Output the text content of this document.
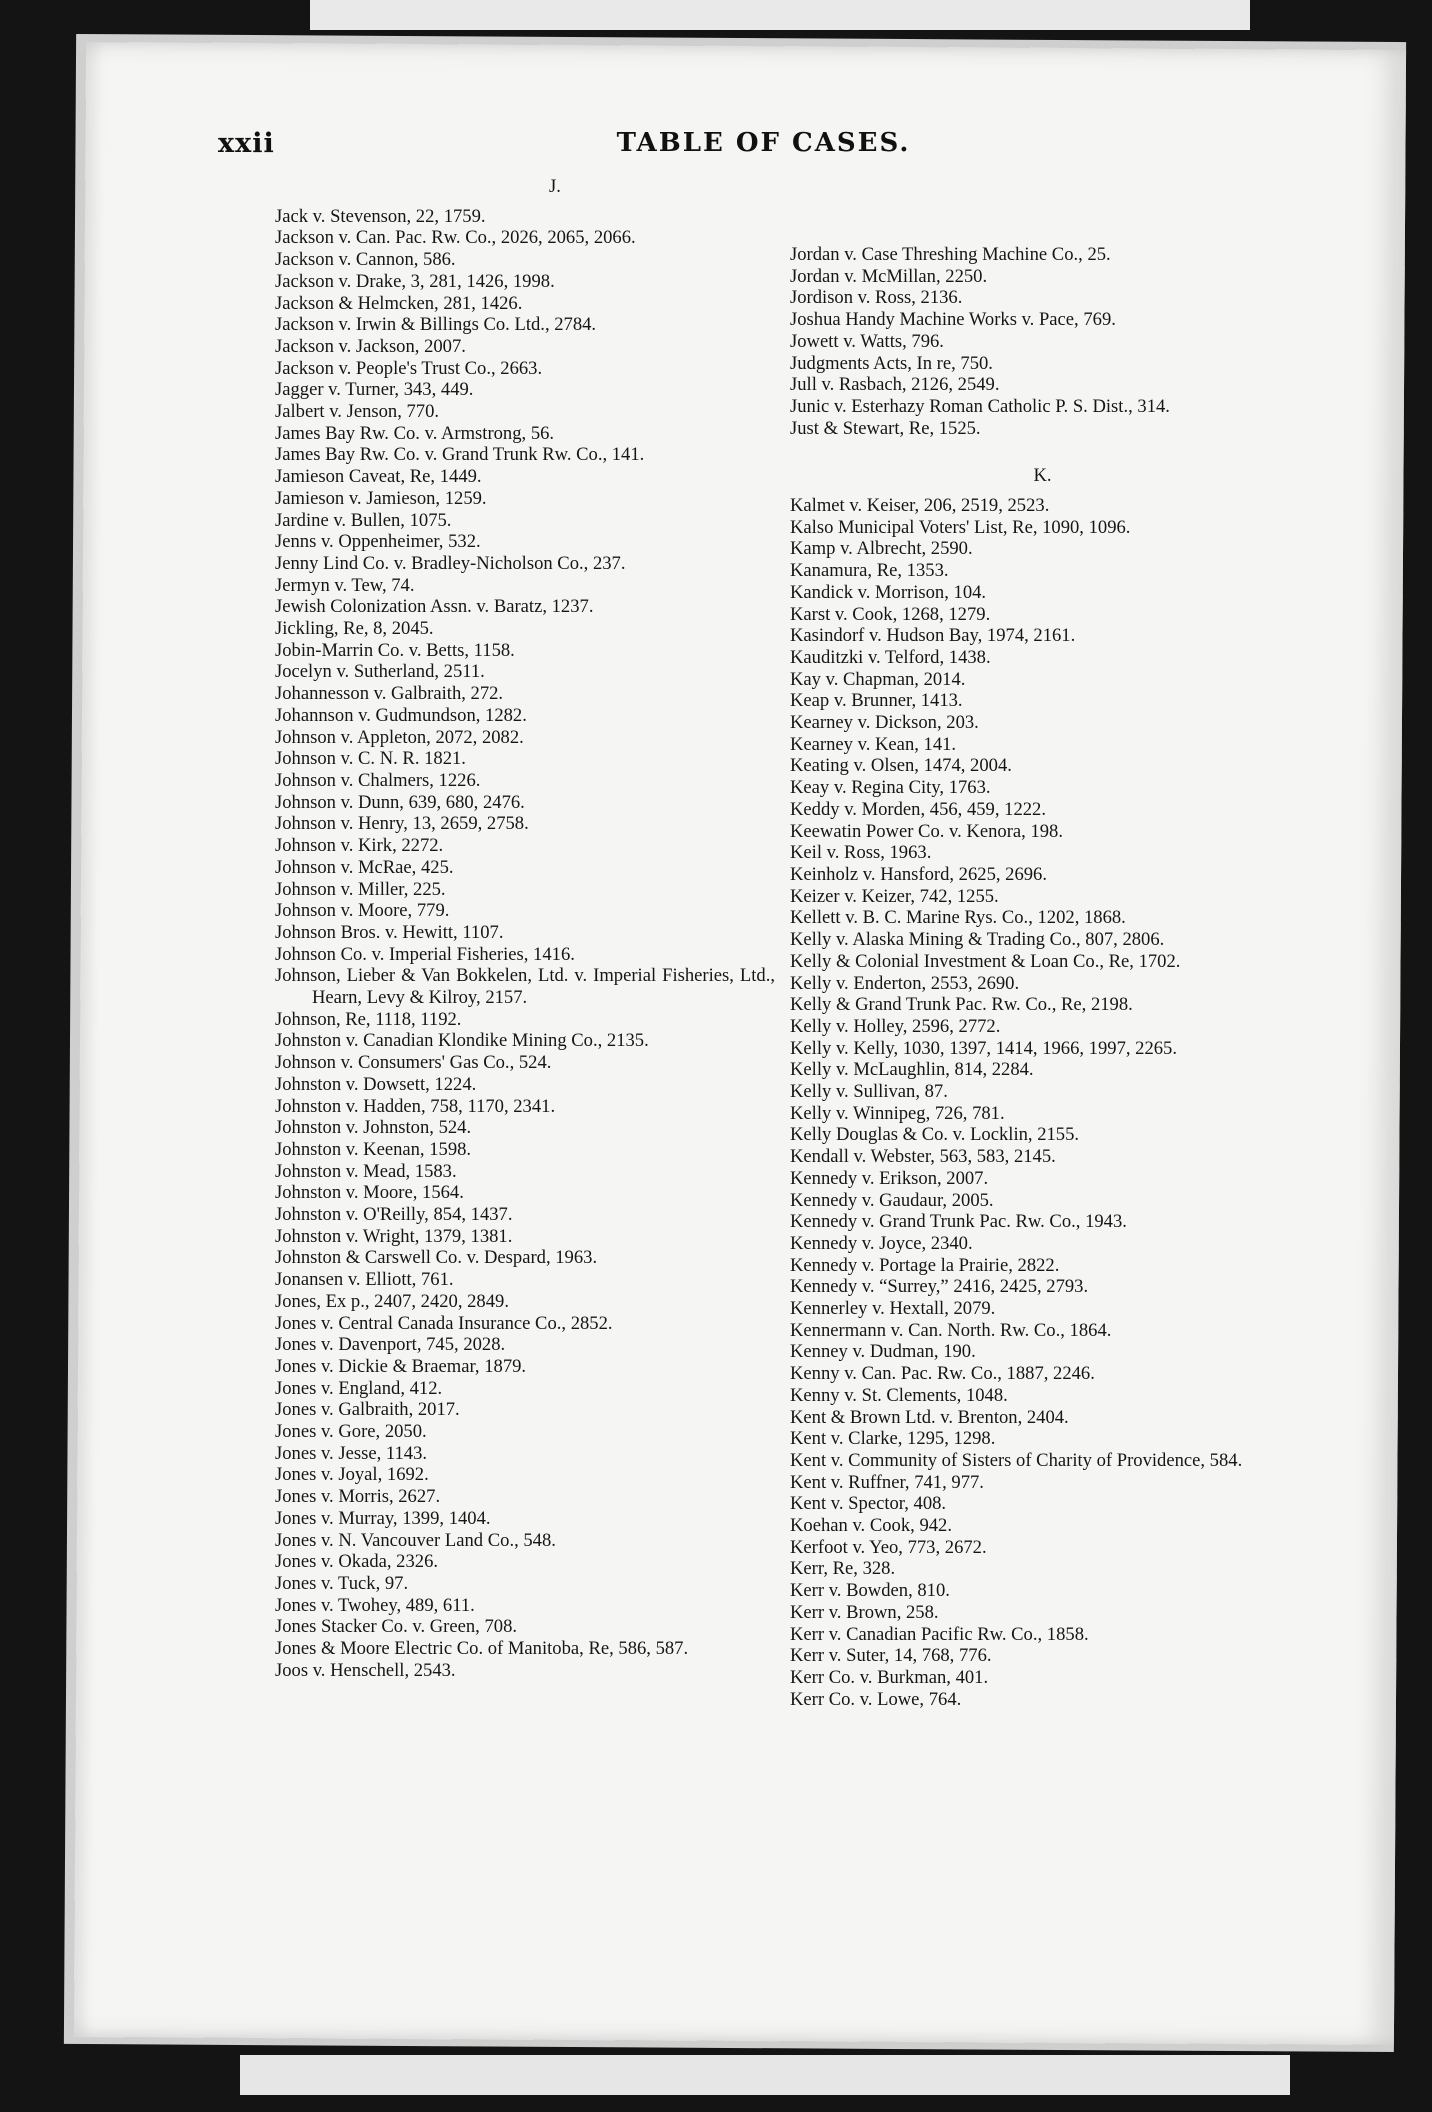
xxii	TABLE OF CASES.
J.
Jack v. Stevenson, 22, 1759.
Jackson v. Can. Pac. Rw. Co., 2026, 2065, 2066.
Jackson v. Cannon, 586.
Jackson v. Drake, 3, 281, 1426, 1998.
Jackson & Helmcken, 281, 1426.
Jackson v. Irwin & Billings Co. Ltd., 2784.
Jackson v. Jackson, 2007.
Jackson v. People's Trust Co., 2663.
Jagger v. Turner, 343, 449.
Jalbert v. Jenson, 770.
James Bay Rw. Co. v. Armstrong, 56.
James Bay Rw. Co. v. Grand Trunk Rw. Co., 141.
Jamieson Caveat, Re, 1449.
Jamieson v. Jamieson, 1259.
Jardine v. Bullen, 1075.
Jenns v. Oppenheimer, 532.
Jenny Lind Co. v. Bradley-Nicholson Co., 237.
Jermyn v. Tew, 74.
Jewish Colonization Assn. v. Baratz, 1237.
Jickling, Re, 8, 2045.
Jobin-Marrin Co. v. Betts, 1158.
Jocelyn v. Sutherland, 2511.
Johannesson v. Galbraith, 272.
Johannson v. Gudmundson, 1282.
Johnson v. Appleton, 2072, 2082.
Johnson v. C. N. R. 1821.
Johnson v. Chalmers, 1226.
Johnson v. Dunn, 639, 680, 2476.
Johnson v. Henry, 13, 2659, 2758.
Johnson v. Kirk, 2272.
Johnson v. McRae, 425.
Johnson v. Miller, 225.
Johnson v. Moore, 779.
Johnson Bros. v. Hewitt, 1107.
Johnson Co. v. Imperial Fisheries, 1416.
Johnson, Lieber & Van Bokkelen, Ltd. v. Imperial Fisheries, Ltd., Hearn, Levy & Kilroy, 2157.
Johnson, Re, 1118, 1192.
Johnston v. Canadian Klondike Mining Co., 2135.
Johnson v. Consumers' Gas Co., 524.
Johnston v. Dowsett, 1224.
Johnston v. Hadden, 758, 1170, 2341.
Johnston v. Johnston, 524.
Johnston v. Keenan, 1598.
Johnston v. Mead, 1583.
Johnston v. Moore, 1564.
Johnston v. O'Reilly, 854, 1437.
Johnston v. Wright, 1379, 1381.
Johnston & Carswell Co. v. Despard, 1963.
Jonansen v. Elliott, 761.
Jones, Ex p., 2407, 2420, 2849.
Jones v. Central Canada Insurance Co., 2852.
Jones v. Davenport, 745, 2028.
Jones v. Dickie & Braemar, 1879.
Jones v. England, 412.
Jones v. Galbraith, 2017.
Jones v. Gore, 2050.
Jones v. Jesse, 1143.
Jones v. Joyal, 1692.
Jones v. Morris, 2627.
Jones v. Murray, 1399, 1404.
Jones v. N. Vancouver Land Co., 548.
Jones v. Okada, 2326.
Jones v. Tuck, 97.
Jones v. Twohey, 489, 611.
Jones Stacker Co. v. Green, 708.
Jones & Moore Electric Co. of Manitoba, Re, 586, 587.
Joos v. Henschell, 2543.
Jordan v. Case Threshing Machine Co., 25.
Jordan v. McMillan, 2250.
Jordison v. Ross, 2136.
Joshua Handy Machine Works v. Pace, 769.
Jowett v. Watts, 796.
Judgments Acts, In re, 750.
Jull v. Rasbach, 2126, 2549.
Junic v. Esterhazy Roman Catholic P. S. Dist., 314.
Just & Stewart, Re, 1525.
K.
Kalmet v. Keiser, 206, 2519, 2523.
Kalso Municipal Voters' List, Re, 1090, 1096.
Kamp v. Albrecht, 2590.
Kanamura, Re, 1353.
Kandick v. Morrison, 104.
Karst v. Cook, 1268, 1279.
Kasindorf v. Hudson Bay, 1974, 2161.
Kauditzki v. Telford, 1438.
Kay v. Chapman, 2014.
Keap v. Brunner, 1413.
Kearney v. Dickson, 203.
Kearney v. Kean, 141.
Keating v. Olsen, 1474, 2004.
Keay v. Regina City, 1763.
Keddy v. Morden, 456, 459, 1222.
Keewatin Power Co. v. Kenora, 198.
Keil v. Ross, 1963.
Keinholz v. Hansford, 2625, 2696.
Keizer v. Keizer, 742, 1255.
Kellett v. B. C. Marine Rys. Co., 1202, 1868.
Kelly v. Alaska Mining & Trading Co., 807, 2806.
Kelly & Colonial Investment & Loan Co., Re, 1702.
Kelly v. Enderton, 2553, 2690.
Kelly & Grand Trunk Pac. Rw. Co., Re, 2198.
Kelly v. Holley, 2596, 2772.
Kelly v. Kelly, 1030, 1397, 1414, 1966, 1997, 2265.
Kelly v. McLaughlin, 814, 2284.
Kelly v. Sullivan, 87.
Kelly v. Winnipeg, 726, 781.
Kelly Douglas & Co. v. Locklin, 2155.
Kendall v. Webster, 563, 583, 2145.
Kennedy v. Erikson, 2007.
Kennedy v. Gaudaur, 2005.
Kennedy v. Grand Trunk Pac. Rw. Co., 1943.
Kennedy v. Joyce, 2340.
Kennedy v. Portage la Prairie, 2822.
Kennedy v. “Surrey,” 2416, 2425, 2793.
Kennerley v. Hextall, 2079.
Kennermann v. Can. North. Rw. Co., 1864.
Kenney v. Dudman, 190.
Kenny v. Can. Pac. Rw. Co., 1887, 2246.
Kenny v. St. Clements, 1048.
Kent & Brown Ltd. v. Brenton, 2404.
Kent v. Clarke, 1295, 1298.
Kent v. Community of Sisters of Charity of Providence, 584.
Kent v. Ruffner, 741, 977.
Kent v. Spector, 408.
Koehan v. Cook, 942.
Kerfoot v. Yeo, 773, 2672.
Kerr, Re, 328.
Kerr v. Bowden, 810.
Kerr v. Brown, 258.
Kerr v. Canadian Pacific Rw. Co., 1858.
Kerr v. Suter, 14, 768, 776.
Kerr Co. v. Burkman, 401.
Kerr Co. v. Lowe, 764.
